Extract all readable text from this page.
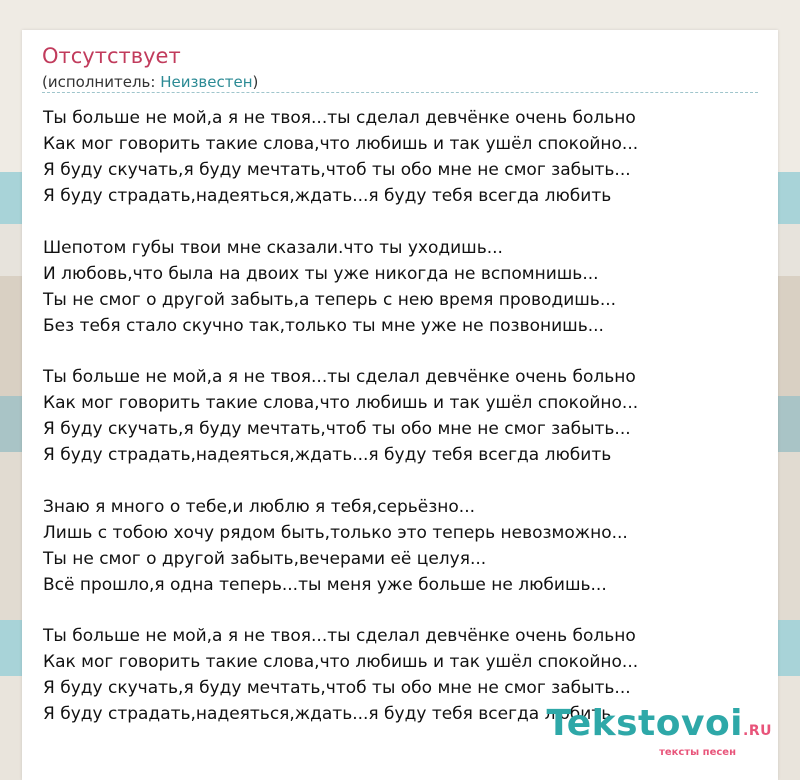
Отсутствует
(исполнитель: Неизвестен)
Ты больше не мой,а я не твоя...ты сделал девчёнке очень больно
Как мог говорить такие слова,что любишь и так ушёл спокойно...
Я буду скучать,я буду мечтать,чтоб ты обо мне не смог забыть...
Я буду страдать,надеяться,ждать...я буду тебя всегда любить
Шепотом губы твои мне сказали.что ты уходишь...
И любовь,что была на двоих ты уже никогда не вспомнишь...
Ты не смог о другой забыть,а теперь с нею время проводишь...
Без тебя стало скучно так,только ты мне уже не позвонишь...
Ты больше не мой,а я не твоя...ты сделал девчёнке очень больно
Как мог говорить такие слова,что любишь и так ушёл спокойно...
Я буду скучать,я буду мечтать,чтоб ты обо мне не смог забыть...
Я буду страдать,надеяться,ждать...я буду тебя всегда любить
Знаю я много о тебе,и люблю я тебя,серьёзно...
Лишь с тобою хочу рядом быть,только это теперь невозможно...
Ты не смог о другой забыть,вечерами её целуя...
Всё прошло,я одна теперь...ты меня уже больше не любишь...
Ты больше не мой,а я не твоя...ты сделал девчёнке очень больно
Как мог говорить такие слова,что любишь и так ушёл спокойно...
Я буду скучать,я буду мечтать,чтоб ты обо мне не смог забыть...
Я буду страдать,надеяться,ждать...я буду тебя всегда любить
Tekstovoi.RU
тексты песен
